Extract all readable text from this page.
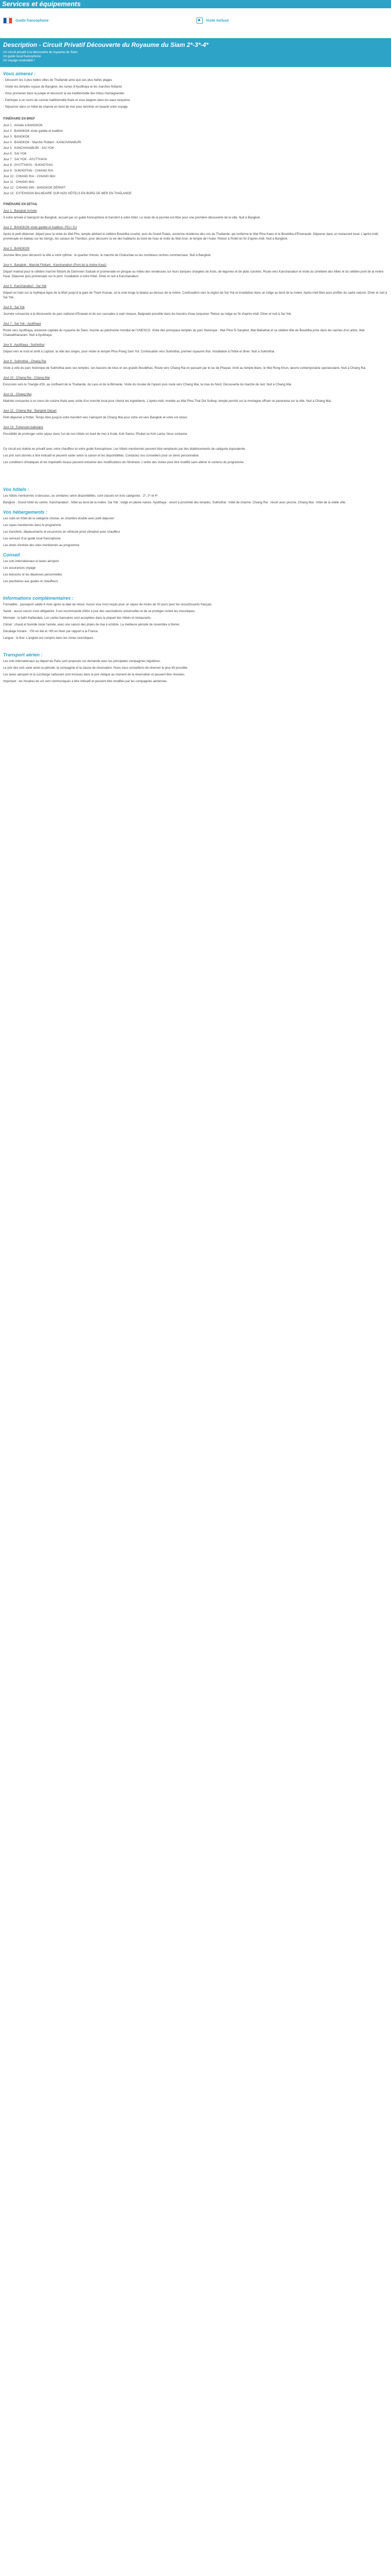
Services et équipements
Guide francophone	Visite Incluse
Description - Circuit Privatif Découverte du Royaume du Siam 2*-3*-4*
Un circuit privatif à la découverte du royaume de Siam
Un guide local francophone
Un voyage modulable !
Vous aimerez :

- Découvrir les 3 plus belles villes de Thaïlande ainsi que ses plus belles plages

- Visiter les temples royaux de Bangkok, les ruines d'Ayutthaya et les marchés flottants

- Vous promener dans la jungle et découvrir la vie traditionnelle des tribus montagnardes

- Participer à un cours de cuisine traditionnelle thaïe et vous baigner dans les eaux turquoise

- Séjourner dans un hôtel de charme en bord de mer pour terminer en beauté votre voyage

ITINÉRAIRE EN BREF

Jour 1 : Arrivée à BANGKOK

Jour 2 : BANGKOK visite guidée et tradition

Jour 3 : BANGKOK

Jour 4 : BANGKOK - Marché Flottant - KANCHANABURI

Jour 5 : KANCHANABURI - SAI YOK

Jour 6 : SAI YOK

Jour 7 : SAI YOK - AYUTTHAYA

Jour 8 : AYUTTHAYA - SUKHOTHAI

Jour 9 : SUKHOTHAI - CHIANG RAI

Jour 10 : CHIANG RAI - CHIANG MAI

Jour 11 : CHIANG MAI

Jour 12 : CHIANG MAI - BANGKOK DÉPART

Jour 13 : EXTENSION BALNEAIRE SUR NOS HÔTELS EN BORD DE MER EN THAÏLANDE

ITINÉRAIRE EN DÉTAIL

Jour 1 : Bangkok Arrivée

À votre arrivée à l'aéroport de Bangkok, accueil par un guide francophone et transfert à votre hôtel. Le reste de la journée est libre pour une première découverte de la ville. Nuit à Bangkok.

Jour 2 : BANGKOK visite guidée et tradition. PDJ / DJ

Après le petit déjeuner, départ pour la visite du Wat Pho, temple abritant le célèbre Bouddha couché, puis du Grand Palais, ancienne résidence des rois de Thaïlande, qui renferme le Wat Phra Kaeo et le Bouddha d'Émeraude. Déjeuner dans un restaurant local. L'après-midi, promenade en bateau sur les klongs, les canaux de Thonburi, pour découvrir la vie des habitants au bord de l'eau et visite du Wat Arun, le temple de l'Aube. Retour à l'hôtel en fin d'après-midi. Nuit à Bangkok.

Jour 3 : BANGKOK

Journée libre pour découvrir la ville à votre rythme : le quartier chinois, le marché de Chatuchak ou les nombreux centres commerciaux. Nuit à Bangkok.

Jour 4 : Bangkok - Marché Flottant - Kanchanaburi (Pont de la rivière Kwaï)

Départ matinal pour le célèbre marché flottant de Damnoen Saduak et promenade en pirogue au milieu des vendeuses sur leurs barques chargées de fruits, de légumes et de plats cuisinés. Route vers Kanchanaburi et visite du cimetière des Alliés et du célèbre pont de la rivière Kwaï. Déjeuner puis promenade sur le pont. Installation à votre hôtel. Dîner et nuit à Kanchanaburi.

Jour 5 : Kanchanaburi - Sai Yok

Départ en train sur la mythique ligne de la Mort jusqu'à la gare de Tham Krasae, où la voie longe la falaise au-dessus de la rivière. Continuation vers la région de Sai Yok et installation dans un lodge au bord de la rivière. Après-midi libre pour profiter du cadre naturel. Dîner et nuit à Sai Yok.

Jour 6 : Sai Yok

Journée consacrée à la découverte du parc national d'Erawan et de ses cascades à sept niveaux. Baignade possible dans les bassins d'eau turquoise. Retour au lodge en fin d'après-midi. Dîner et nuit à Sai Yok.

Jour 7 : Sai Yok - Ayutthaya

Route vers Ayutthaya, ancienne capitale du royaume de Siam, inscrite au patrimoine mondial de l'UNESCO. Visite des principaux temples du parc historique : Wat Phra Si Sanphet, Wat Mahathat et sa célèbre tête de Bouddha prise dans les racines d'un arbre, Wat Chaiwatthanaram. Nuit à Ayutthaya.

Jour 8 : Ayutthaya - Sukhothai

Départ vers le nord et arrêt à Lopburi, la ville des singes, pour visiter le temple Phra Prang Sam Yot. Continuation vers Sukhothai, premier royaume thaï. Installation à l'hôtel et dîner. Nuit à Sukhothai.

Jour 9 : Sukhothai - Chiang Rai

Visite à vélo du parc historique de Sukhothai avec ses temples, ses bassins de lotus et ses grands Bouddhas. Route vers Chiang Rai en passant par le lac de Phayao. Arrêt au temple blanc, le Wat Rong Khun, œuvre contemporaine spectaculaire. Nuit à Chiang Rai.

Jour 10 : Chiang Rai - Chiang Mai

Excursion vers le Triangle d'Or, au confluent de la Thaïlande, du Laos et de la Birmanie. Visite du musée de l'opium puis route vers Chiang Mai, la rose du Nord. Découverte du marché de nuit. Nuit à Chiang Mai.

Jour 11 : Chiang Mai

Matinée consacrée à un cours de cuisine thaïe avec visite d'un marché local pour choisir les ingrédients. L'après-midi, montée au Wat Phra That Doi Suthep, temple perché sur la montagne offrant un panorama sur la ville. Nuit à Chiang Mai.

Jour 12 : Chiang Mai - Bangkok Départ

Petit déjeuner à l'hôtel. Temps libre jusqu'à votre transfert vers l'aéroport de Chiang Mai pour votre vol vers Bangkok et votre vol retour.

Jour 13 : Extension balnéaire

Possibilité de prolonger votre séjour dans l'un de nos hôtels en bord de mer à Krabi, Koh Samui, Phuket ou Koh Lanta. Nous contacter.

Ce circuit est réalisé en privatif avec votre chauffeur et votre guide francophone. Les hôtels mentionnés peuvent être remplacés par des établissements de catégorie équivalente.

Les prix sont donnés à titre indicatif et peuvent varier selon la saison et les disponibilités. Contactez nos conseillers pour un devis personnalisé.

Les conditions climatiques et les impératifs locaux peuvent entraîner des modifications de l'itinéraire. L'ordre des visites peut être modifié sans altérer le contenu du programme.

Vos hôtels :

Les hôtels mentionnés ci-dessous, ou similaires selon disponibilités, sont classés en trois catégories : 2*, 3* et 4*.

Bangkok : Grand hôtel du centre. Kanchanaburi : hôtel au bord de la rivière. Sai Yok : lodge en pleine nature. Ayutthaya : resort à proximité des temples. Sukhothai : hôtel de charme. Chiang Rai : resort avec piscine. Chiang Mai : hôtel de la vieille ville.

Vos hébergements :

Les nuits en hôtel de la catégorie choisie, en chambre double avec petit déjeuner

Les repas mentionnés dans le programme

Les transferts, déplacements et excursions en véhicule privé climatisé avec chauffeur

Les services d'un guide local francophone

Les droits d'entrée des sites mentionnés au programme

Conseil

Les vols internationaux et taxes aéroport

Les assurances voyage

Les boissons et les dépenses personnelles

Les pourboires aux guides et chauffeurs

Informations complémentaires :

Formalités : passeport valide 6 mois après la date de retour. Aucun visa n'est requis pour un séjour de moins de 30 jours pour les ressortissants français.

Santé : aucun vaccin n'est obligatoire. Il est recommandé d'être à jour des vaccinations universelles et de se protéger contre les moustiques.

Monnaie : le baht thaïlandais. Les cartes bancaires sont acceptées dans la plupart des hôtels et restaurants.

Climat : chaud et humide toute l'année, avec une saison des pluies de mai à octobre. La meilleure période de novembre à février.

Décalage horaire : +5h en été et +6h en hiver par rapport à la France.

Langue : le thaï. L'anglais est compris dans les zones touristiques.

Transport aérien :

Les vols internationaux au départ de Paris sont proposés sur demande avec les principales compagnies régulières.

Le prix des vols varie selon la période, la compagnie et la classe de réservation. Nous vous conseillons de réserver le plus tôt possible.

Les taxes aéroport et la surcharge carburant sont incluses dans le prix indiqué au moment de la réservation et peuvent être révisées.

Important : les horaires de vol sont communiqués à titre indicatif et peuvent être modifiés par les compagnies aériennes.
